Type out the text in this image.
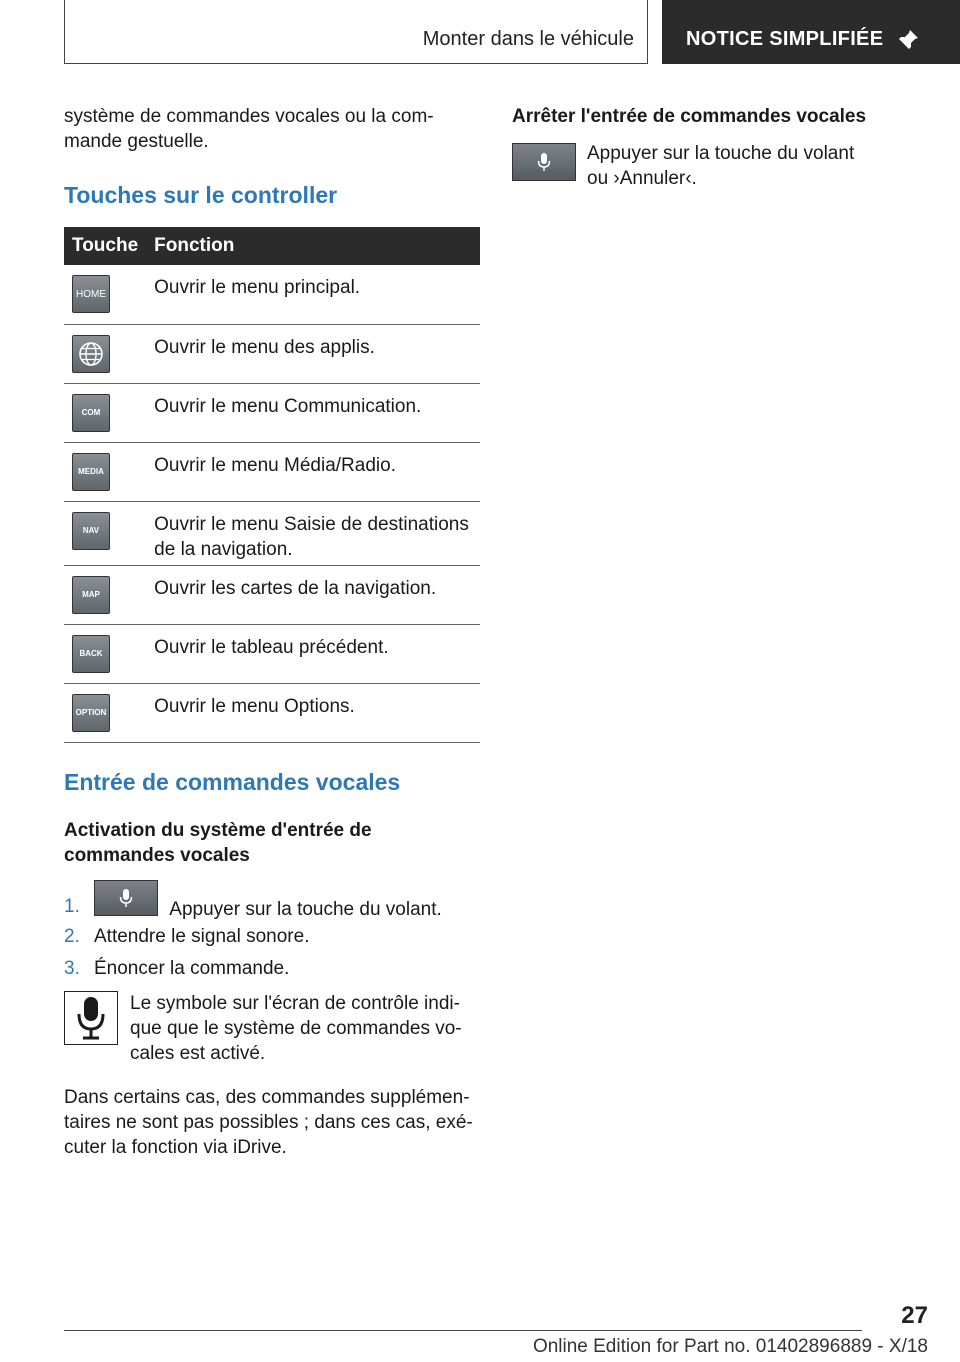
Monter dans le véhicule	NOTICE SIMPLIFIÉE

système de commandes vocales ou la com- mande gestuelle.

Touches sur le controller
Touche	Fonction

HOME	Ouvrir le menu principal.

	Ouvrir le menu des applis.

COM	Ouvrir le menu Communication.

MEDIA	Ouvrir le menu Média/Radio.

NAV	Ouvrir le menu Saisie de destinations de la navigation.

MAP	Ouvrir les cartes de la navigation.

BACK	Ouvrir le tableau précédent.

OPTION	Ouvrir le menu Options.
Entrée de commandes vocales
Activation du système d'entrée de commandes vocales
1.	Appuyer sur la touche du volant.
2. Attendre le signal sonore.
3. Énoncer la commande.

Le symbole sur l'écran de contrôle indi- que que le système de commandes vo- cales est activé.

Dans certains cas, des commandes supplémen- taires ne sont pas possibles ; dans ces cas, exé- cuter la fonction via iDrive.

Arrêter l'entrée de commandes vocales

Appuyer sur la touche du volant
ou ›Annuler‹.

27
Online Edition for Part no. 01402896889 - X/18
